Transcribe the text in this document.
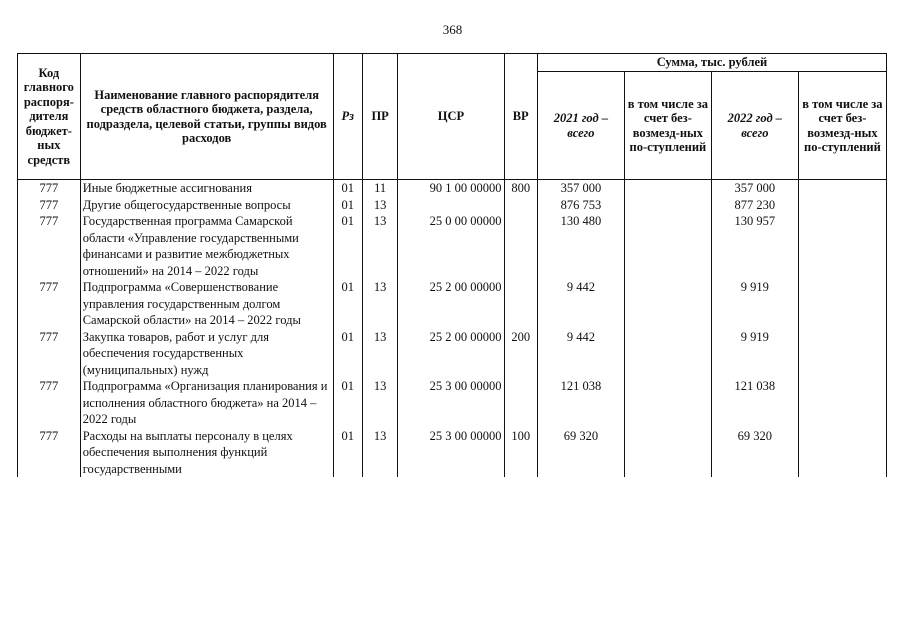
368
Код главного распоря-дителя бюджет-ных средств	Наименование главного распорядителя средств областного бюджета, раздела, подраздела, целевой статьи, группы видов расходов	Рз	ПР	ЦСР	ВР	Сумма, тыс. рублей			
						2021 год – всего	в том числе за счет без-возмезд-ных по-ступлений	2022 год – всего	в том числе за счет без-возмезд-ных по-ступлений
777	Иные бюджетные ассигнования	01	11	90 1 00 00000	800	357 000		357 000	
777	Другие общегосударственные вопросы	01	13			876 753		877 230	
777	Государственная программа Самарской области «Управление государственными финансами и развитие межбюджетных отношений» на 2014 – 2022 годы	01	13	25 0 00 00000		130 480		130 957	
777	Подпрограмма «Совершенствование управления государственным долгом Самарской области» на 2014 – 2022 годы	01	13	25 2 00 00000		9 442		9 919	
777	Закупка товаров, работ и услуг для обеспечения государственных (муниципальных) нужд	01	13	25 2 00 00000	200	9 442		9 919	
777	Подпрограмма «Организация планирования и исполнения областного бюджета» на 2014 – 2022 годы	01	13	25 3 00 00000		121 038		121 038	
777	Расходы на выплаты персоналу в целях обеспечения выполнения функций государственными	01	13	25 3 00 00000	100	69 320		69 320	
